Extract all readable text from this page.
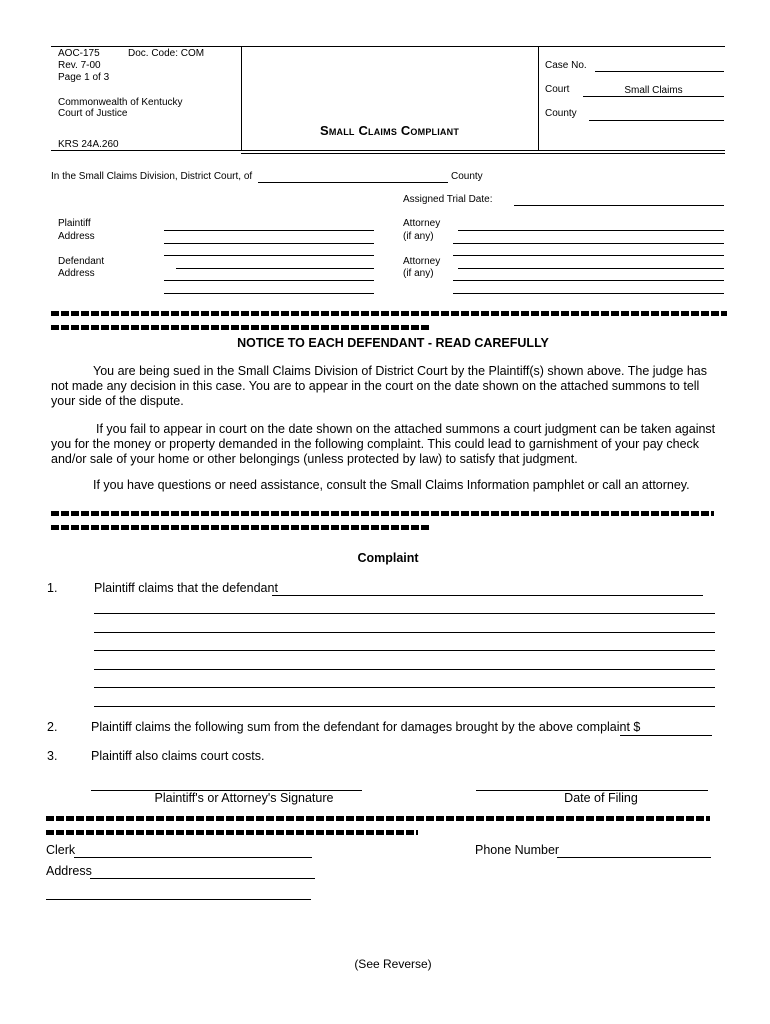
AOC-175	Doc. Code: COM
Rev. 7-00
Page 1 of 3
Commonwealth of Kentucky
Court of Justice
KRS 24A.260
Small Claims Compliant
Case No.
Court
Small Claims
County
In the Small Claims Division, District Court, of	County
Assigned Trial Date:
Plaintiff
Address
Attorney
(if any)
Defendant
Address
Attorney
(if any)
NOTICE TO EACH DEFENDANT - READ CAREFULLY
You are being sued in the Small Claims Division of District Court by the Plaintiff(s) shown above. The judge has not made any decision in this case. You are to appear in the court on the date shown on the attached summons to tell your side of the dispute.
If you fail to appear in court on the date shown on the attached summons a court judgment can be taken against you for the money or property demanded in the following complaint. This could lead to garnishment of your pay check and/or sale of your home or other belongings (unless protected by law) to satisfy that judgment.
If you have questions or need assistance, consult the Small Claims Information pamphlet or call an attorney.
Complaint
1.	Plaintiff claims that the defendant
2.	Plaintiff claims the following sum from the defendant for damages brought by the above complaint $
3.	Plaintiff also claims court costs.
Plaintiff's or Attorney's Signature	Date of Filing
Clerk	Phone Number
Address
(See Reverse)
